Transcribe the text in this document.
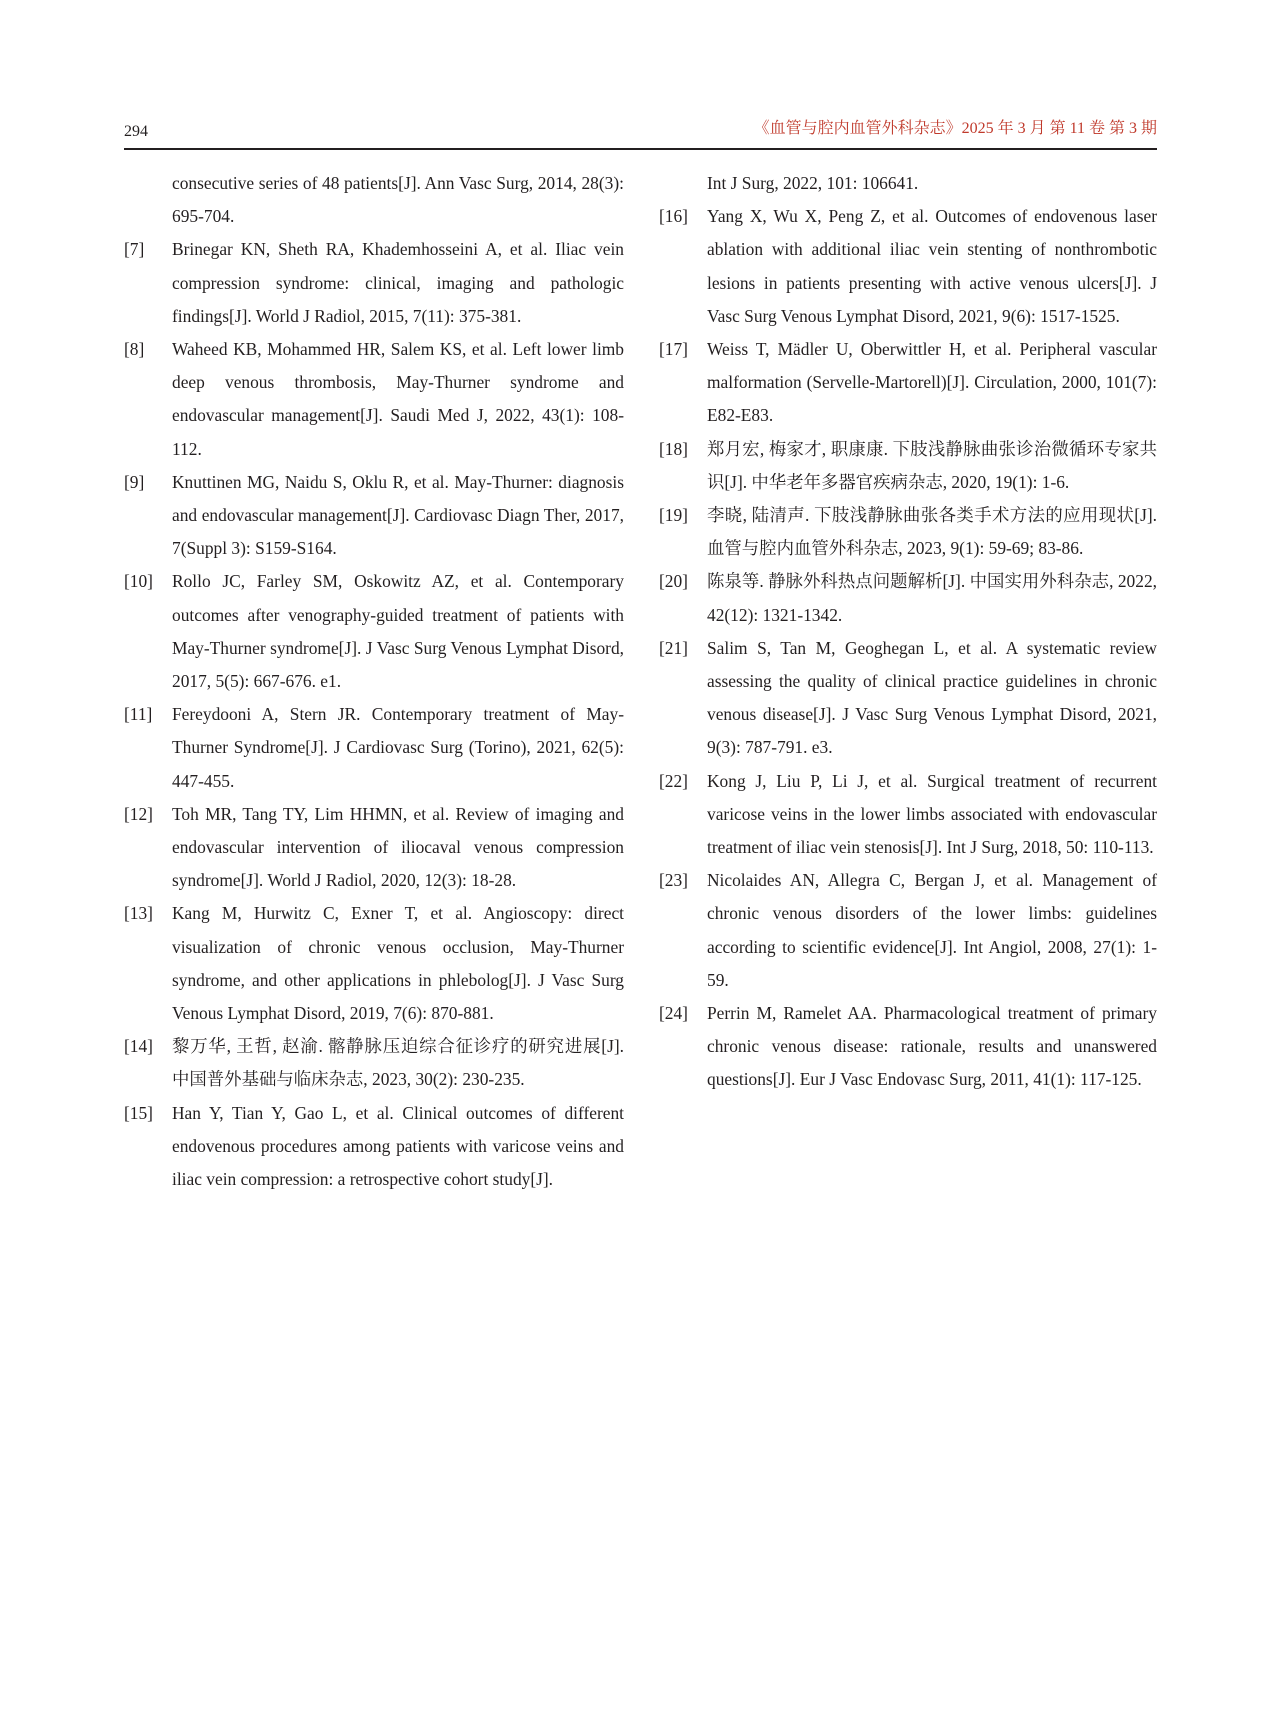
294	《血管与腔内血管外科杂志》2025 年 3 月 第 11 卷 第 3 期
consecutive series of 48 patients[J]. Ann Vasc Surg, 2014, 28(3): 695-704.
[7] Brinegar KN, Sheth RA, Khademhosseini A, et al. Iliac vein compression syndrome: clinical, imaging and pathologic findings[J]. World J Radiol, 2015, 7(11): 375-381.
[8] Waheed KB, Mohammed HR, Salem KS, et al. Left lower limb deep venous thrombosis, May-Thurner syndrome and endovascular management[J]. Saudi Med J, 2022, 43(1): 108-112.
[9] Knuttinen MG, Naidu S, Oklu R, et al. May-Thurner: diagnosis and endovascular management[J]. Cardiovasc Diagn Ther, 2017, 7(Suppl 3): S159-S164.
[10] Rollo JC, Farley SM, Oskowitz AZ, et al. Contemporary outcomes after venography-guided treatment of patients with May-Thurner syndrome[J]. J Vasc Surg Venous Lymphat Disord, 2017, 5(5): 667-676. e1.
[11] Fereydooni A, Stern JR. Contemporary treatment of May-Thurner Syndrome[J]. J Cardiovasc Surg (Torino), 2021, 62(5): 447-455.
[12] Toh MR, Tang TY, Lim HHMN, et al. Review of imaging and endovascular intervention of iliocaval venous compression syndrome[J]. World J Radiol, 2020, 12(3): 18-28.
[13] Kang M, Hurwitz C, Exner T, et al. Angioscopy: direct visualization of chronic venous occlusion, May-Thurner syndrome, and other applications in phlebolog[J]. J Vasc Surg Venous Lymphat Disord, 2019, 7(6): 870-881.
[14] 黎万华, 王哲, 赵渝. 髂静脉压迫综合征诊疗的研究进展[J]. 中国普外基础与临床杂志, 2023, 30(2): 230-235.
[15] Han Y, Tian Y, Gao L, et al. Clinical outcomes of different endovenous procedures among patients with varicose veins and iliac vein compression: a retrospective cohort study[J].
Int J Surg, 2022, 101: 106641.
[16] Yang X, Wu X, Peng Z, et al. Outcomes of endovenous laser ablation with additional iliac vein stenting of nonthrombotic lesions in patients presenting with active venous ulcers[J]. J Vasc Surg Venous Lymphat Disord, 2021, 9(6): 1517-1525.
[17] Weiss T, Mädler U, Oberwittler H, et al. Peripheral vascular malformation (Servelle-Martorell)[J]. Circulation, 2000, 101(7): E82-E83.
[18] 郑月宏, 梅家才, 职康康. 下肢浅静脉曲张诊治微循环专家共识[J]. 中华老年多器官疾病杂志, 2020, 19(1): 1-6.
[19] 李晓, 陆清声. 下肢浅静脉曲张各类手术方法的应用现状[J]. 血管与腔内血管外科杂志, 2023, 9(1): 59-69; 83-86.
[20] 陈泉等. 静脉外科热点问题解析[J]. 中国实用外科杂志, 2022, 42(12): 1321-1342.
[21] Salim S, Tan M, Geoghegan L, et al. A systematic review assessing the quality of clinical practice guidelines in chronic venous disease[J]. J Vasc Surg Venous Lymphat Disord, 2021, 9(3): 787-791. e3.
[22] Kong J, Liu P, Li J, et al. Surgical treatment of recurrent varicose veins in the lower limbs associated with endovascular treatment of iliac vein stenosis[J]. Int J Surg, 2018, 50: 110-113.
[23] Nicolaides AN, Allegra C, Bergan J, et al. Management of chronic venous disorders of the lower limbs: guidelines according to scientific evidence[J]. Int Angiol, 2008, 27(1): 1-59.
[24] Perrin M, Ramelet AA. Pharmacological treatment of primary chronic venous disease: rationale, results and unanswered questions[J]. Eur J Vasc Endovasc Surg, 2011, 41(1): 117-125.
